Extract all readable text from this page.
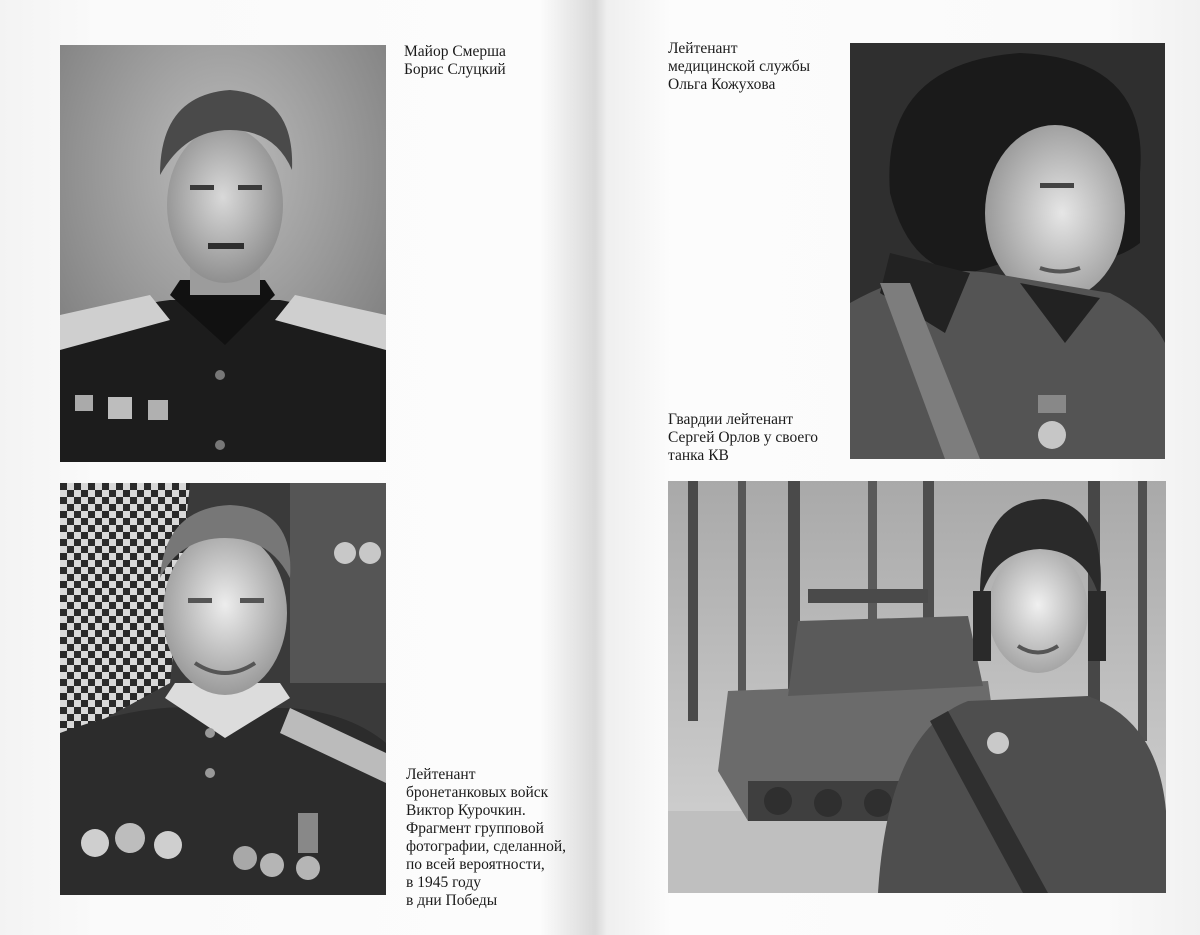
Майор Смерша
Борис Слуцкий
Лейтенант
бронетанковых войск
Виктор Курочкин.
Фрагмент групповой
фотографии, сделанной,
по всей вероятности,
в 1945 году
в дни Победы
Лейтенант
медицинской службы
Ольга Кожухова
Гвардии лейтенант
Сергей Орлов у своего
танка КВ
